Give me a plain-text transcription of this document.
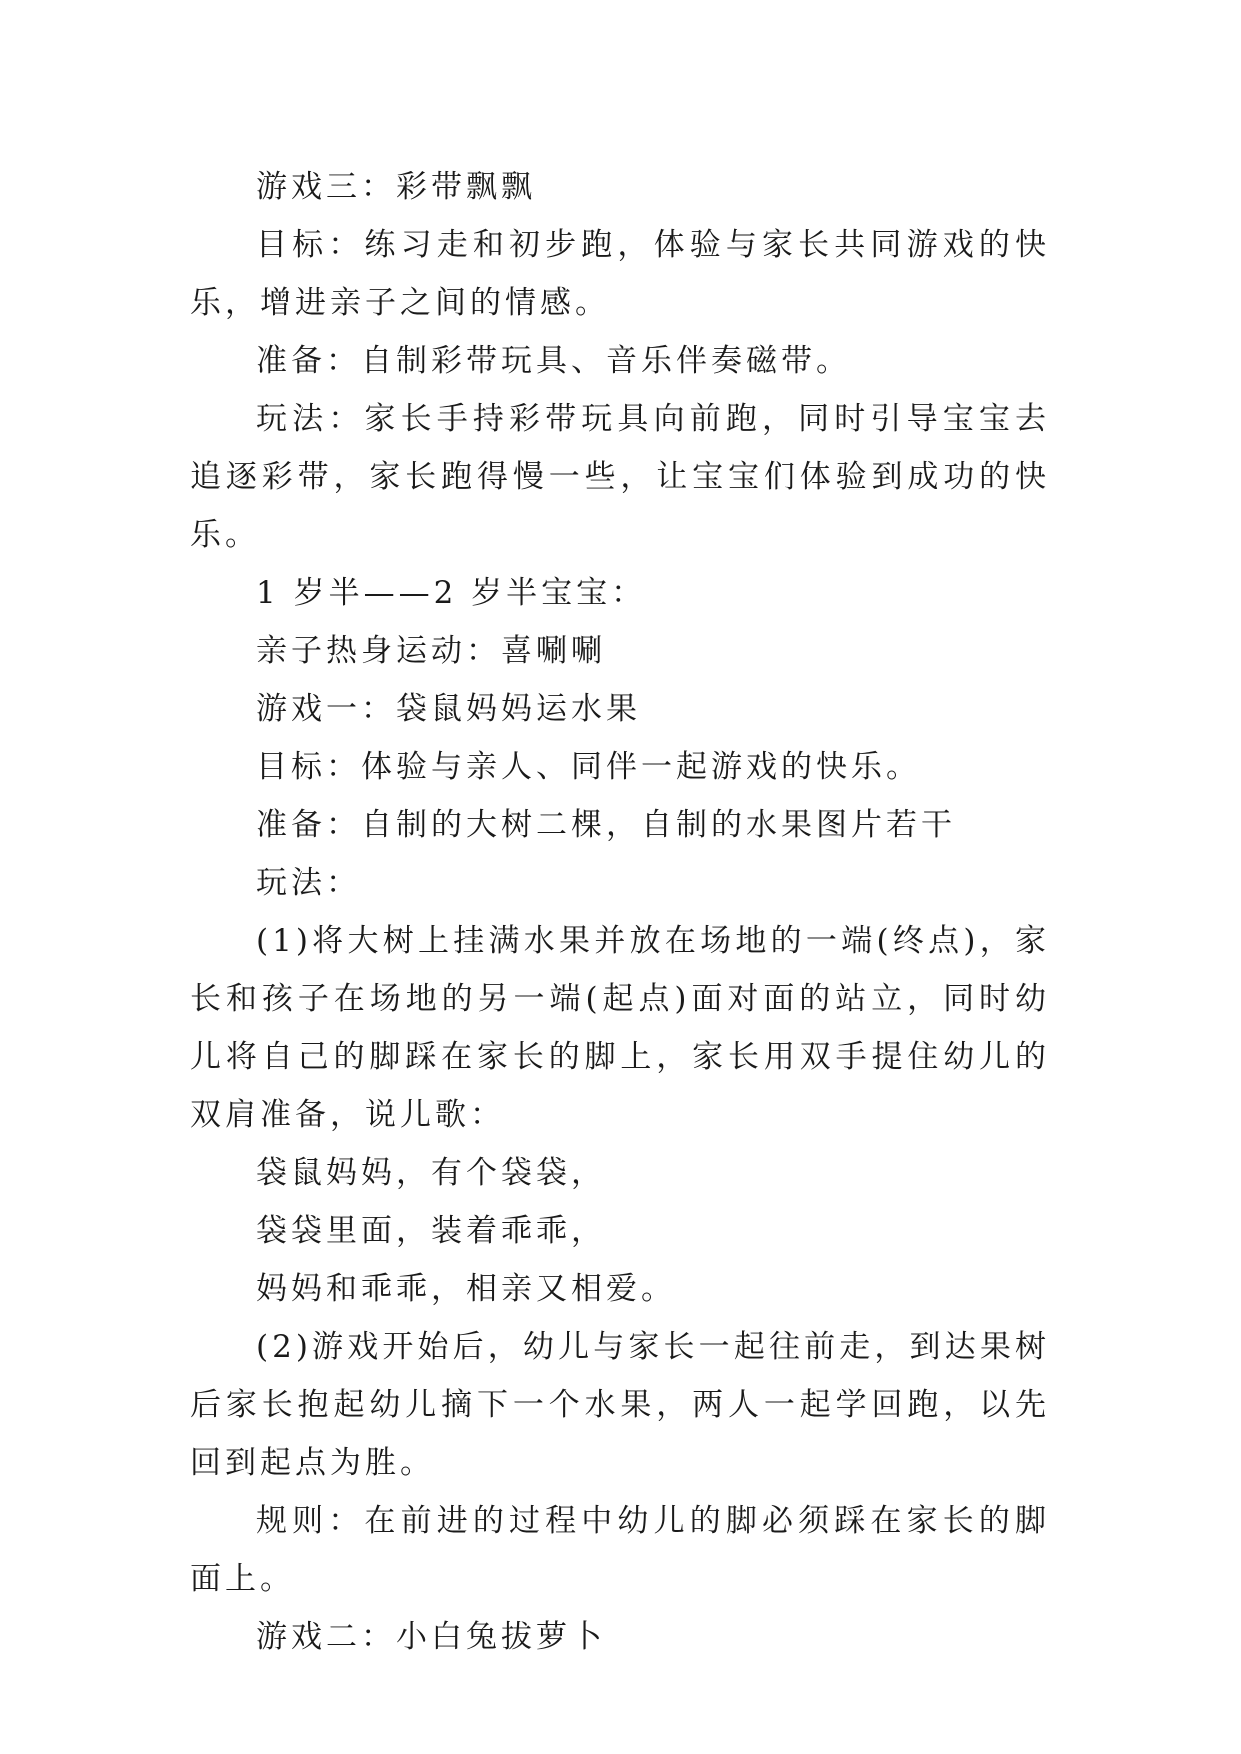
游戏三：彩带飘飘

目标：练习走和初步跑，体验与家长共同游戏的快乐，增进亲子之间的情感。

准备：自制彩带玩具、音乐伴奏磁带。

玩法：家长手持彩带玩具向前跑，同时引导宝宝去追逐彩带，家长跑得慢一些，让宝宝们体验到成功的快乐。

1 岁半——2 岁半宝宝：

亲子热身运动：喜唰唰

游戏一：袋鼠妈妈运水果

目标：体验与亲人、同伴一起游戏的快乐。

准备：自制的大树二棵，自制的水果图片若干

玩法：

(1)将大树上挂满水果并放在场地的一端(终点)，家长和孩子在场地的另一端(起点)面对面的站立，同时幼儿将自己的脚踩在家长的脚上，家长用双手提住幼儿的双肩准备，说儿歌：

袋鼠妈妈，有个袋袋，

袋袋里面，装着乖乖，

妈妈和乖乖，相亲又相爱。

(2)游戏开始后，幼儿与家长一起往前走，到达果树后家长抱起幼儿摘下一个水果，两人一起学回跑，以先回到起点为胜。

规则：在前进的过程中幼儿的脚必须踩在家长的脚面上。

游戏二：小白兔拔萝卜
